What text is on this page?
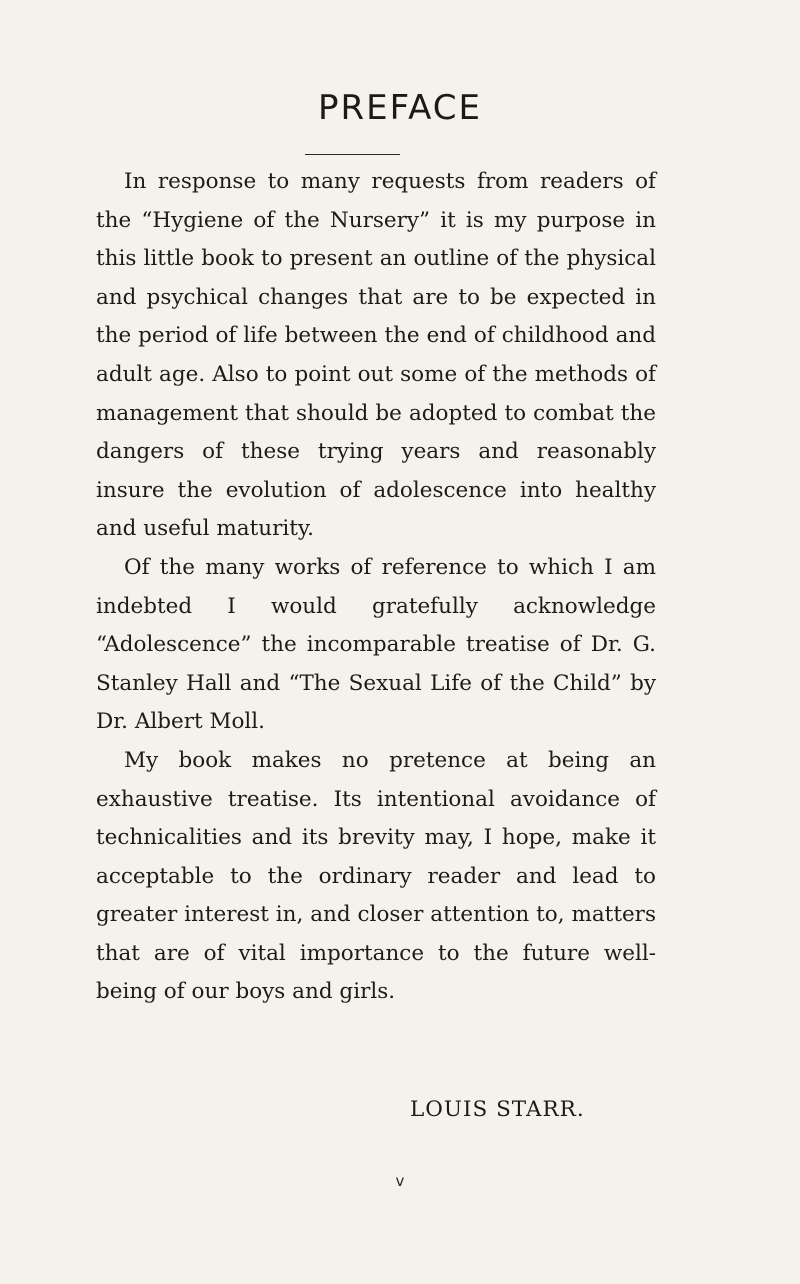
PREFACE

In response to many requests from readers of the “Hygiene of the Nursery” it is my purpose in this little book to present an outline of the physical and psychical changes that are to be expected in the period of life between the end of childhood and adult age. Also to point out some of the methods of management that should be adopted to combat the dangers of these trying years and reasonably insure the evolution of adolescence into healthy and useful maturity.

Of the many works of reference to which I am indebted I would gratefully acknowledge “Adolescence” the incomparable treatise of Dr. G. Stanley Hall and “The Sexual Life of the Child” by Dr. Albert Moll.

My book makes no pretence at being an exhaustive treatise. Its intentional avoidance of technicalities and its brevity may, I hope, make it acceptable to the ordinary reader and lead to greater interest in, and closer attention to, matters that are of vital importance to the future well-being of our boys and girls.

LOUIS STARR.
v
